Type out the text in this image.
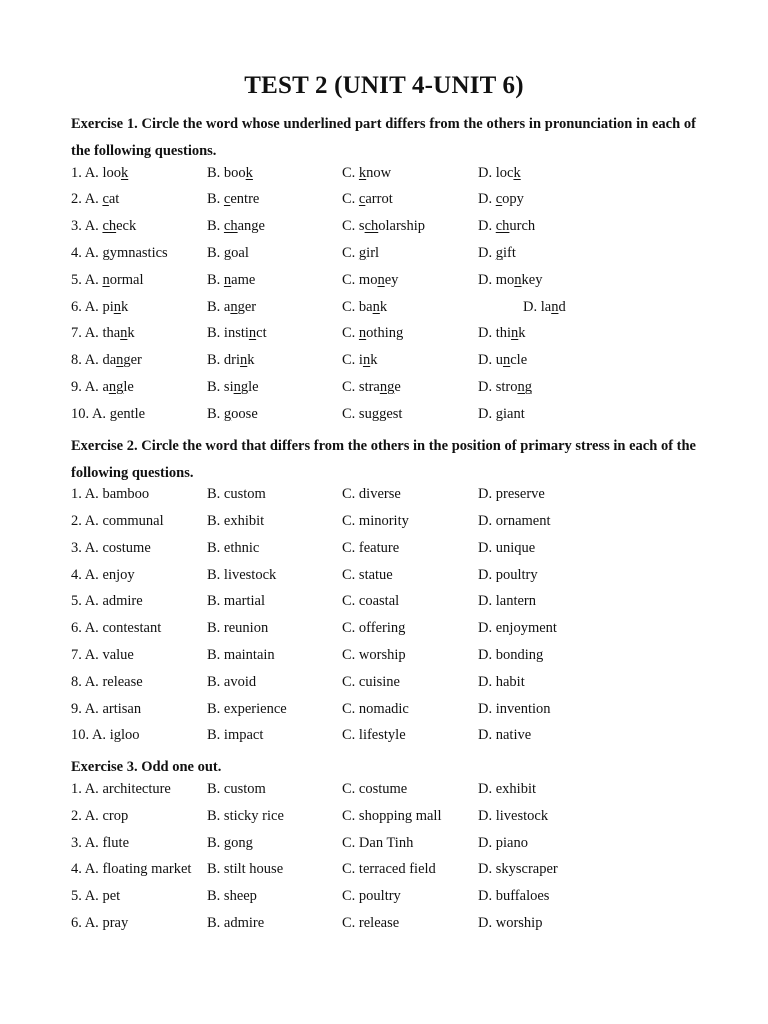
TEST 2 (UNIT 4-UNIT 6)
Exercise 1. Circle the word whose underlined part differs from the others in pronunciation in each of the following questions.
1. A. look	B. book	C. know	D. lock
2. A. cat	B. centre	C. carrot	D. copy
3. A. check	B. change	C. scholarship	D. church
4. A. gymnastics	B. goal	C. girl	D. gift
5. A. normal	B. name	C. money	D. monkey
6. A. pink	B. anger	C. bank	D. land
7. A. thank	B. instinct	C. nothing	D. think
8. A. danger	B. drink	C. ink	D. uncle
9. A. angle	B. single	C. strange	D. strong
10. A. gentle	B. goose	C. suggest	D. giant
Exercise 2. Circle the word that differs from the others in the position of primary stress in each of the following questions.
1. A. bamboo	B. custom	C. diverse	D. preserve
2. A. communal	B. exhibit	C. minority	D. ornament
3. A. costume	B. ethnic	C. feature	D. unique
4. A. enjoy	B. livestock	C. statue	D. poultry
5. A. admire	B. martial	C. coastal	D. lantern
6. A. contestant	B. reunion	C. offering	D. enjoyment
7. A. value	B. maintain	C. worship	D. bonding
8. A. release	B. avoid	C. cuisine	D. habit
9. A. artisan	B. experience	C. nomadic	D. invention
10. A. igloo	B. impact	C. lifestyle	D. native
Exercise 3. Odd one out.
1. A. architecture B. custom	C. costume	D. exhibit
2. A. crop	B. sticky rice	C. shopping mall	D. livestock
3. A. flute	B. gong	C. Dan Tinh	D. piano
4. A. floating market B. stilt house	C. terraced field	D. skyscraper
5. A. pet	B. sheep	C. poultry	D. buffaloes
6. A. pray	B. admire	C. release	D. worship
